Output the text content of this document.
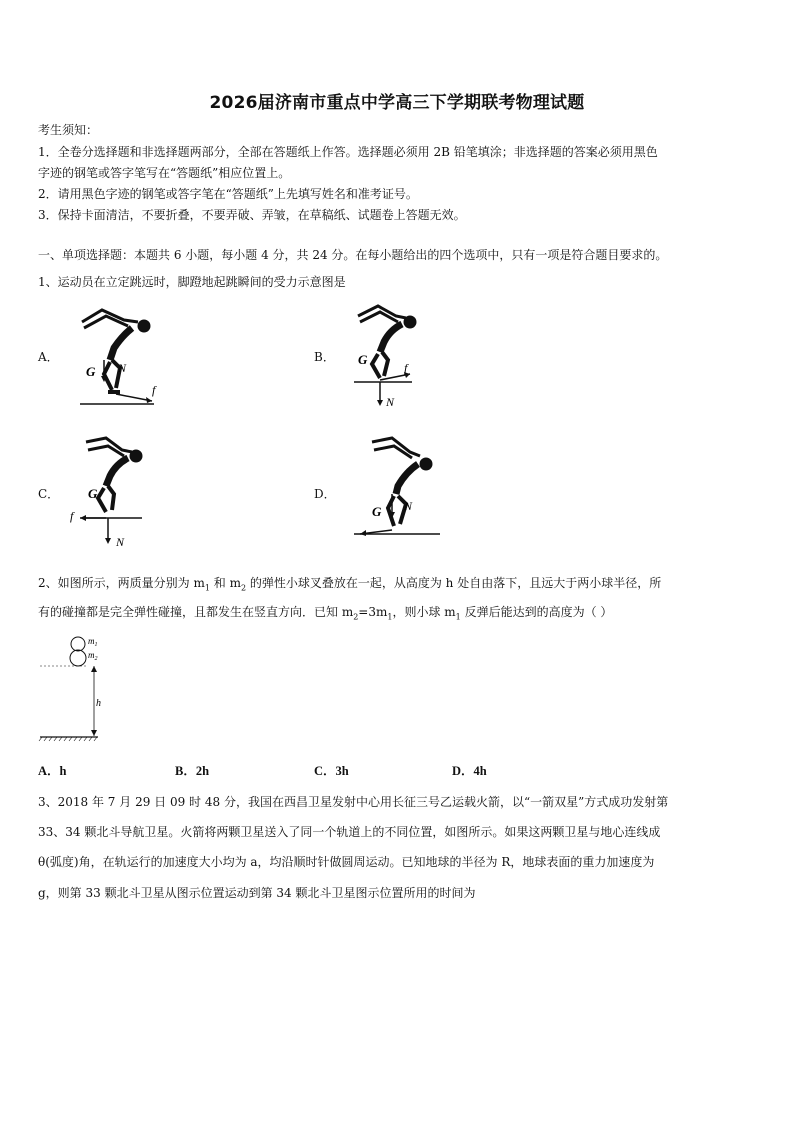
2026届济南市重点中学高三下学期联考物理试题
考生须知：
1．全卷分选择题和非选择题两部分，全部在答题纸上作答。选择题必须用 2B 铅笔填涂；非选择题的答案必须用黑色
字迹的钢笔或答字笔写在“答题纸”相应位置上。
2．请用黑色字迹的钢笔或答字笔在“答题纸”上先填写姓名和准考证号。
3．保持卡面清洁，不要折叠，不要弄破、弄皱，在草稿纸、试题卷上答题无效。
一、单项选择题：本题共 6 小题，每小题 4 分，共 24 分。在每小题给出的四个选项中，只有一项是符合题目要求的。
1、运动员在立定跳远时，脚蹬地起跳瞬间的受力示意图是
A．	B．
C．	D．
G N
f
G
f
N
G
f
N
G N
2、如图所示，两质量分别为 $m_1$ 和 $m_2$ 的弹性小球叉叠放在一起，从高度为 h 处自由落下，且远大于两小球半径，所
有的碰撞都是完全弹性碰撞，且都发生在竖直方向．已知 $m_2=3m_1$，则小球 $m_1$ 反弹后能达到的高度为（ ）
$m_1$
$m_2$
h
A．h	B．2h	C．3h	D．4h
3、2018 年 7 月 29 日 09 时 48 分，我国在西昌卫星发射中心用长征三号乙运载火箭，以“一箭双星”方式成功发射第
33、34 颗北斗导航卫星。火箭将两颗卫星送入了同一个轨道上的不同位置，如图所示。如果这两颗卫星与地心连线成
θ(弧度)角，在轨运行的加速度大小均为 a，均沿顺时针做圆周运动。已知地球的半径为 R，地球表面的重力加速度为
g，则第 33 颗北斗卫星从图示位置运动到第 34 颗北斗卫星图示位置所用的时间为
